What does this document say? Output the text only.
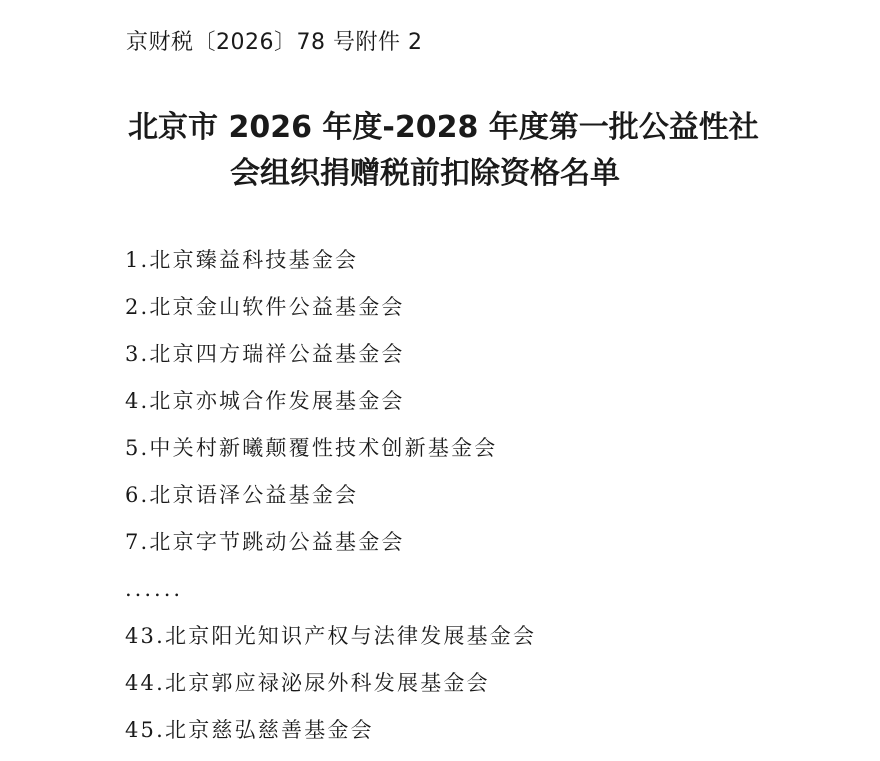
京财税〔2026〕78 号附件 2
北京市 2026 年度-2028 年度第一批公益性社
会组织捐赠税前扣除资格名单
1.北京臻益科技基金会
2.北京金山软件公益基金会
3.北京四方瑞祥公益基金会
4.北京亦城合作发展基金会
5.中关村新曦颠覆性技术创新基金会
6.北京语泽公益基金会
7.北京字节跳动公益基金会
......
43.北京阳光知识产权与法律发展基金会
44.北京郭应禄泌尿外科发展基金会
45.北京慈弘慈善基金会
